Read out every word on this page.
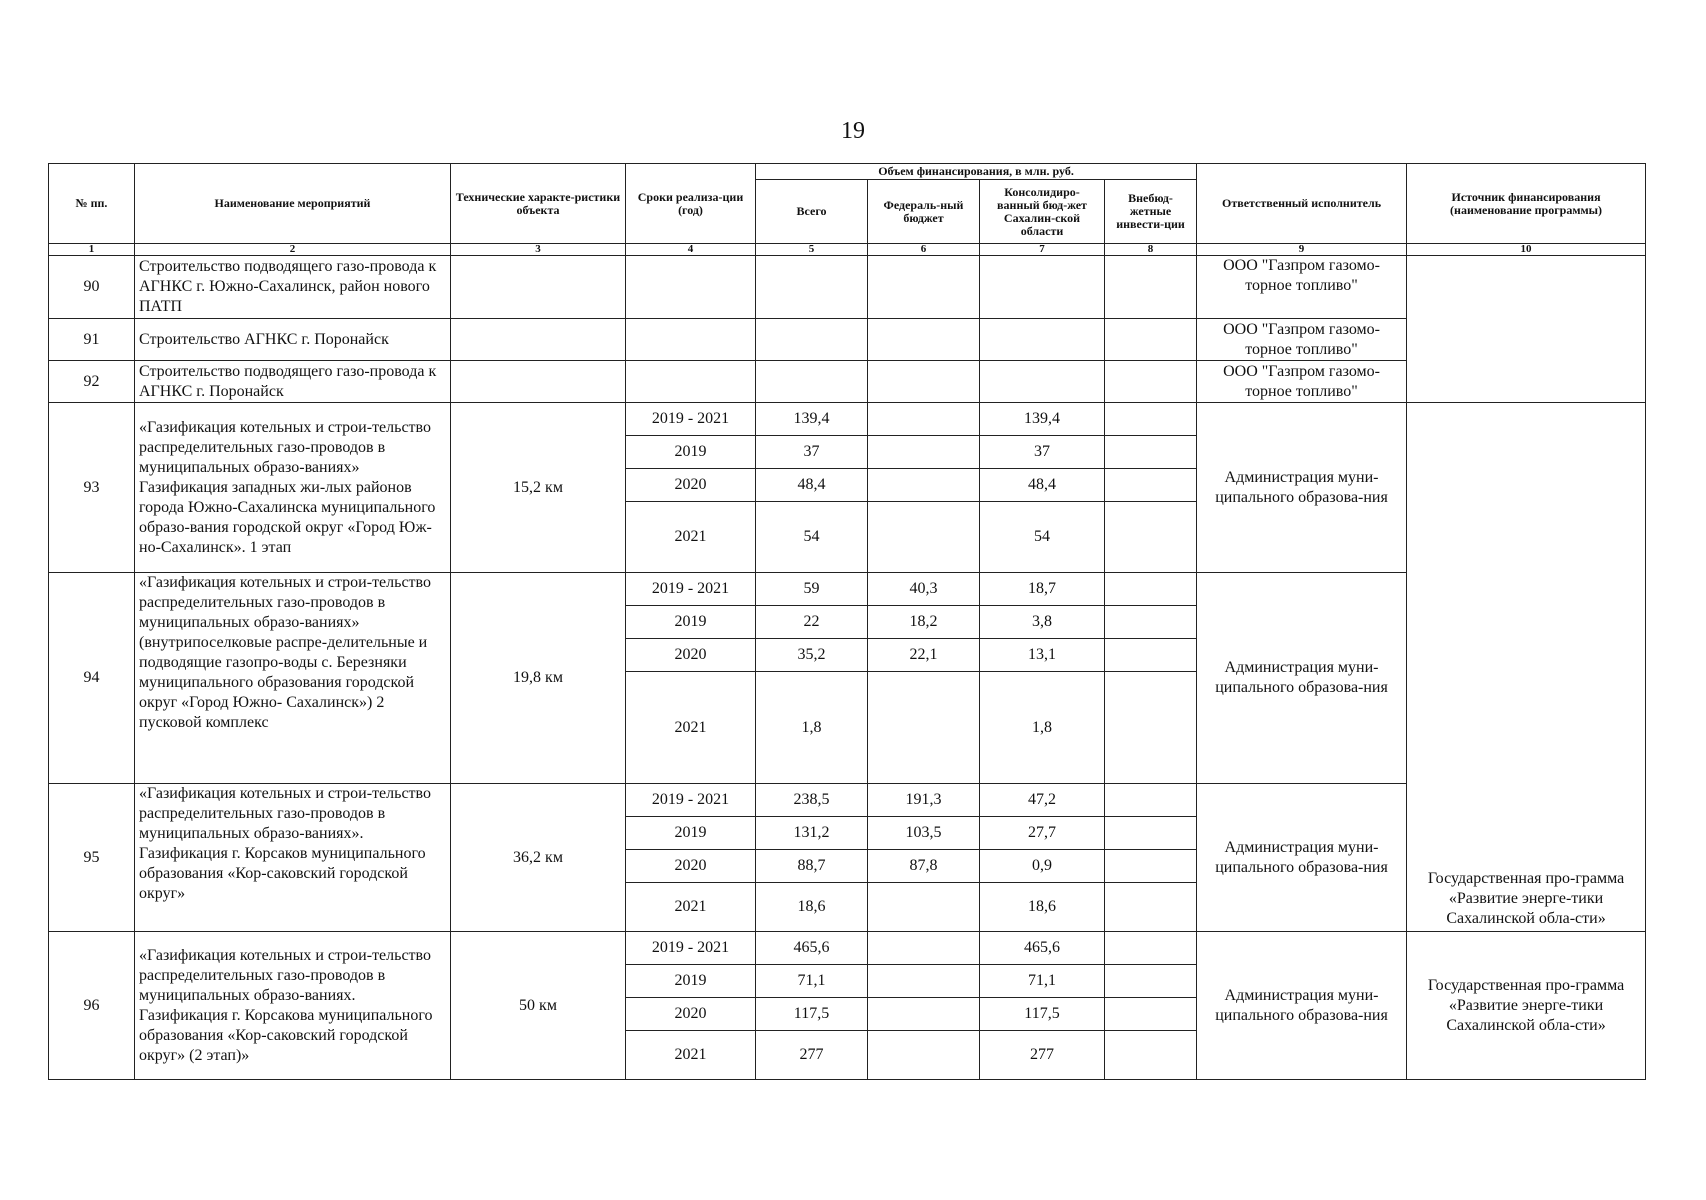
19
№ пп.	Наименование мероприятий	Технические характе-ристики объекта	Сроки реализа-ции (год)	Объем финансирования, в млн. руб.				Ответственный исполнитель	Источник финансирования (наименование программы)
				Всего	Федераль-ный бюджет	Консолидиро-ванный бюд-жет Сахалин-ской области	Внебюд-жетные инвести-ции		
1	2	3	4	5	6	7	8	9	10
90	Строительство подводящего газо-провода к АГНКС г. Южно-Сахалинск, район нового ПАТП							ООО "Газпром газомо-торное топливо"	
91	Строительство АГНКС г. Поронайск							ООО "Газпром газомо-торное топливо"	
92	Строительство подводящего газо-провода к АГНКС г. Поронайск							ООО "Газпром газомо-торное топливо"	
93	«Газификация котельных и строи-тельство распределительных газо-проводов в муниципальных образо-ваниях» Газификация западных жи-лых районов города Южно-Сахалинска муниципального образо-вания городской округ «Город Юж-но-Сахалинск». 1 этап	15,2 км	2019 - 2021	139,4		139,4		Администрация муни-ципального образова-ния	Государственная про-грамма «Развитие энерге-тики Сахалинской обла-сти»
			2019	37		37			
			2020	48,4		48,4			
			2021	54		54			
94	«Газификация котельных и строи-тельство распределительных газо-проводов в муниципальных образо-ваниях» (внутрипоселковые распре-делительные и подводящие газопро-воды с. Березняки муниципального образования городской округ «Город Южно- Сахалинск») 2 пусковой комплекс	19,8 км	2019 - 2021	59	40,3	18,7		Администрация муни-ципального образова-ния	
			2019	22	18,2	3,8			
			2020	35,2	22,1	13,1			
			2021	1,8		1,8			
95	«Газификация котельных и строи-тельство распределительных газо-проводов в муниципальных образо-ваниях». Газификация г. Корсаков муниципального образования «Кор-саковский городской округ»	36,2 км	2019 - 2021	238,5	191,3	47,2		Администрация муни-ципального образова-ния	
			2019	131,2	103,5	27,7			
			2020	88,7	87,8	0,9			
			2021	18,6		18,6			
96	«Газификация котельных и строи-тельство распределительных газо-проводов в муниципальных образо-ваниях. Газификация г. Корсакова муниципального образования «Кор-саковский городской округ» (2 этап)»	50 км	2019 - 2021	465,6		465,6		Администрация муни-ципального образова-ния	Государственная про-грамма «Развитие энерге-тики Сахалинской обла-сти»
			2019	71,1		71,1			
			2020	117,5		117,5			
			2021	277		277			
